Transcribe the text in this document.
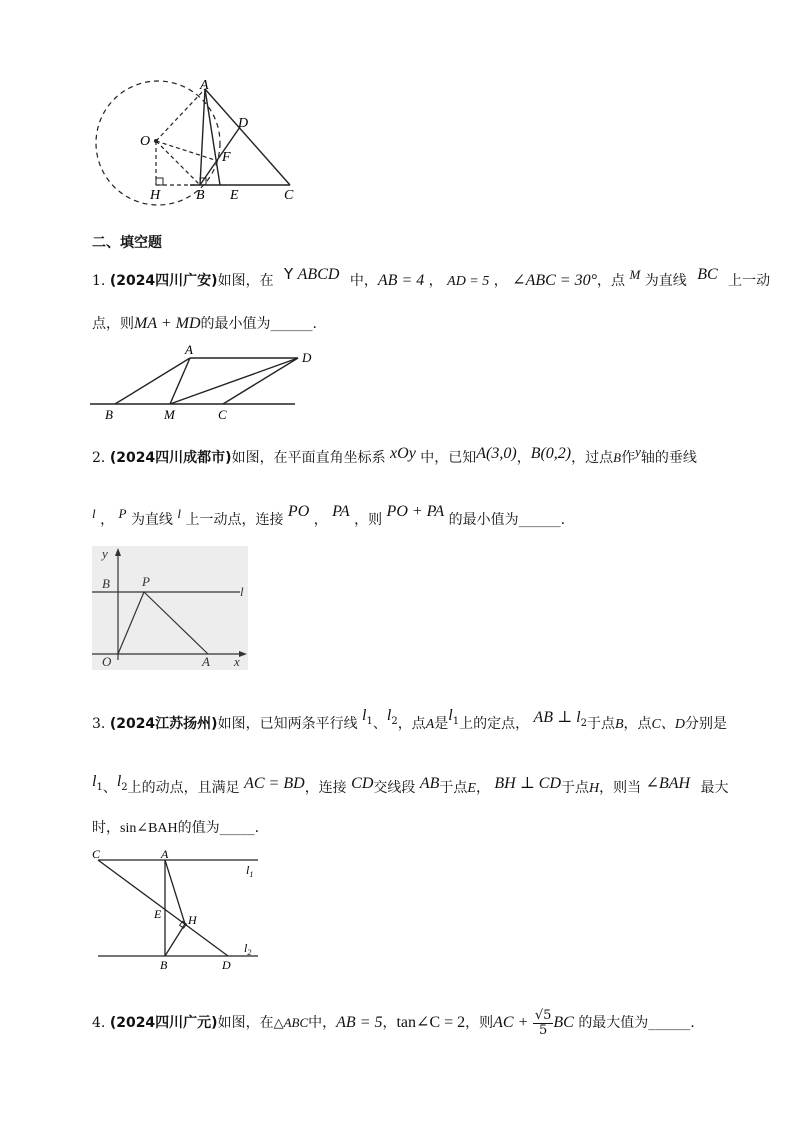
A
D
O
F
H	B E	C
二、填空题
1. (2024四川广安)如图，在 Y ABCD 中，AB = 4 ， AD = 5 ， ∠ABC = 30°，点 M 为直线 BC 上一动
点，则MA + MD的最小值为______.
A
D
B	M	C
2. (2024四川成都市)如图，在平面直角坐标系 xOy 中，已知A(3,0)，B(0,2)，过点B作y轴的垂线
l ， P 为直线 l 上一动点，连接 PO ， PA ，则 PO + PA 的最小值为______.
y
B P
l
O	A x
3. (2024江苏扬州)如图，已知两条平行线 $l_1$、$l_2$，点A是$l_1$上的定点， AB ⊥ $l_2$于点B，点C、D分别是
$l_1$、$l_2$上的动点，且满足 AC = BD，连接 CD交线段 AB于点E， BH ⊥ CD于点H，则当 ∠BAH 最大
时，sin∠BAH的值为_____.
C	A
$l_1$
E H
$l_2$
B	D
4. (2024四川广元)如图，在△ABC中，AB = 5，tan∠C = 2，则AC + $\frac{√5}{5}$ BC 的最大值为______.
